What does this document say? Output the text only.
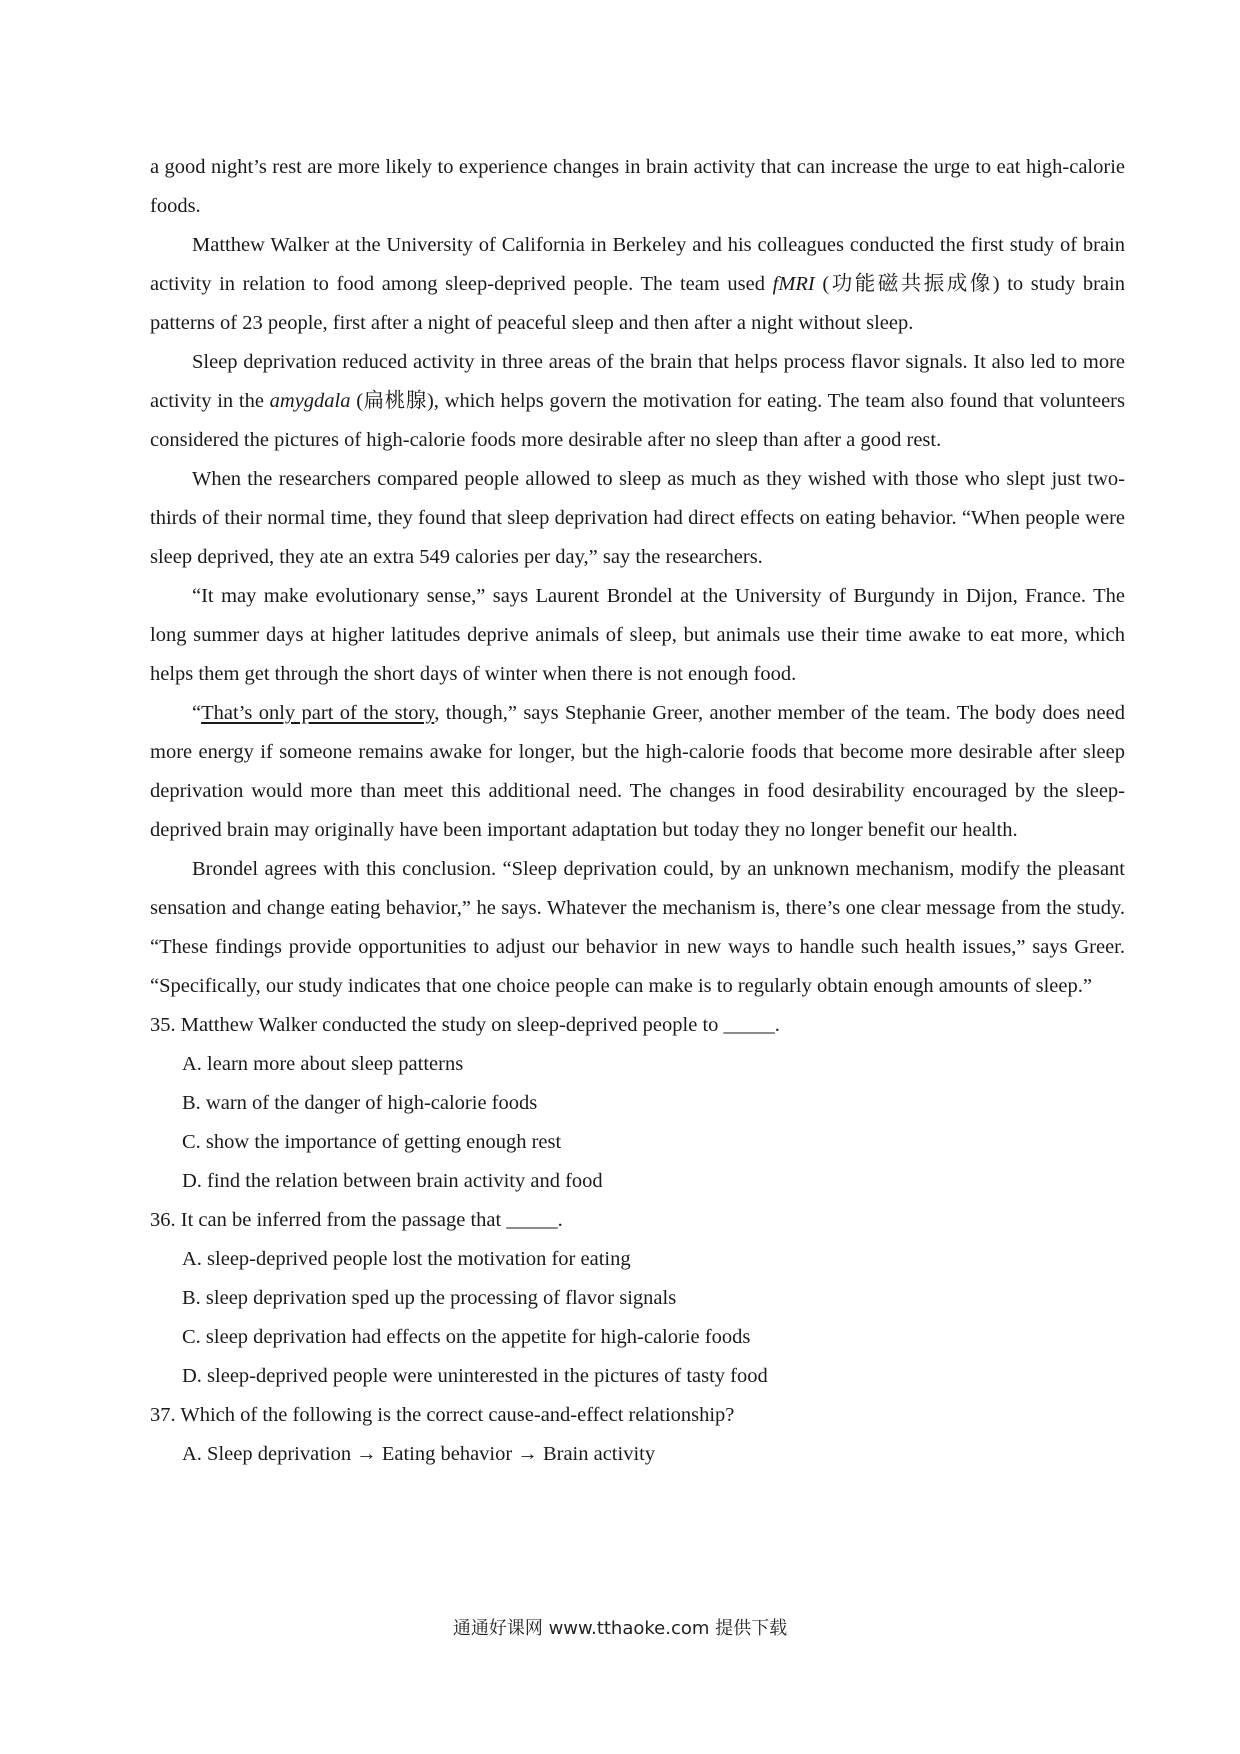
a good night’s rest are more likely to experience changes in brain activity that can increase the urge to eat high-calorie foods.

Matthew Walker at the University of California in Berkeley and his colleagues conducted the first study of brain activity in relation to food among sleep-deprived people. The team used fMRI (功能磁共振成像) to study brain patterns of 23 people, first after a night of peaceful sleep and then after a night without sleep.

Sleep deprivation reduced activity in three areas of the brain that helps process flavor signals. It also led to more activity in the amygdala (扁桃腺), which helps govern the motivation for eating. The team also found that volunteers considered the pictures of high-calorie foods more desirable after no sleep than after a good rest.

When the researchers compared people allowed to sleep as much as they wished with those who slept just two-thirds of their normal time, they found that sleep deprivation had direct effects on eating behavior. “When people were sleep deprived, they ate an extra 549 calories per day,” say the researchers.

“It may make evolutionary sense,” says Laurent Brondel at the University of Burgundy in Dijon, France. The long summer days at higher latitudes deprive animals of sleep, but animals use their time awake to eat more, which helps them get through the short days of winter when there is not enough food.

“That’s only part of the story, though,” says Stephanie Greer, another member of the team. The body does need more energy if someone remains awake for longer, but the high-calorie foods that become more desirable after sleep deprivation would more than meet this additional need. The changes in food desirability encouraged by the sleep-deprived brain may originally have been important adaptation but today they no longer benefit our health.

Brondel agrees with this conclusion. “Sleep deprivation could, by an unknown mechanism, modify the pleasant sensation and change eating behavior,” he says. Whatever the mechanism is, there’s one clear message from the study. “These findings provide opportunities to adjust our behavior in new ways to handle such health issues,” says Greer. “Specifically, our study indicates that one choice people can make is to regularly obtain enough amounts of sleep.”

35. Matthew Walker conducted the study on sleep-deprived people to _____.

A. learn more about sleep patterns

B. warn of the danger of high-calorie foods

C. show the importance of getting enough rest

D. find the relation between brain activity and food

36. It can be inferred from the passage that _____.

A. sleep-deprived people lost the motivation for eating

B. sleep deprivation sped up the processing of flavor signals

C. sleep deprivation had effects on the appetite for high-calorie foods

D. sleep-deprived people were uninterested in the pictures of tasty food

37. Which of the following is the correct cause-and-effect relationship?

A. Sleep deprivation → Eating behavior → Brain activity

通通好课网 www.tthaoke.com 提供下载
